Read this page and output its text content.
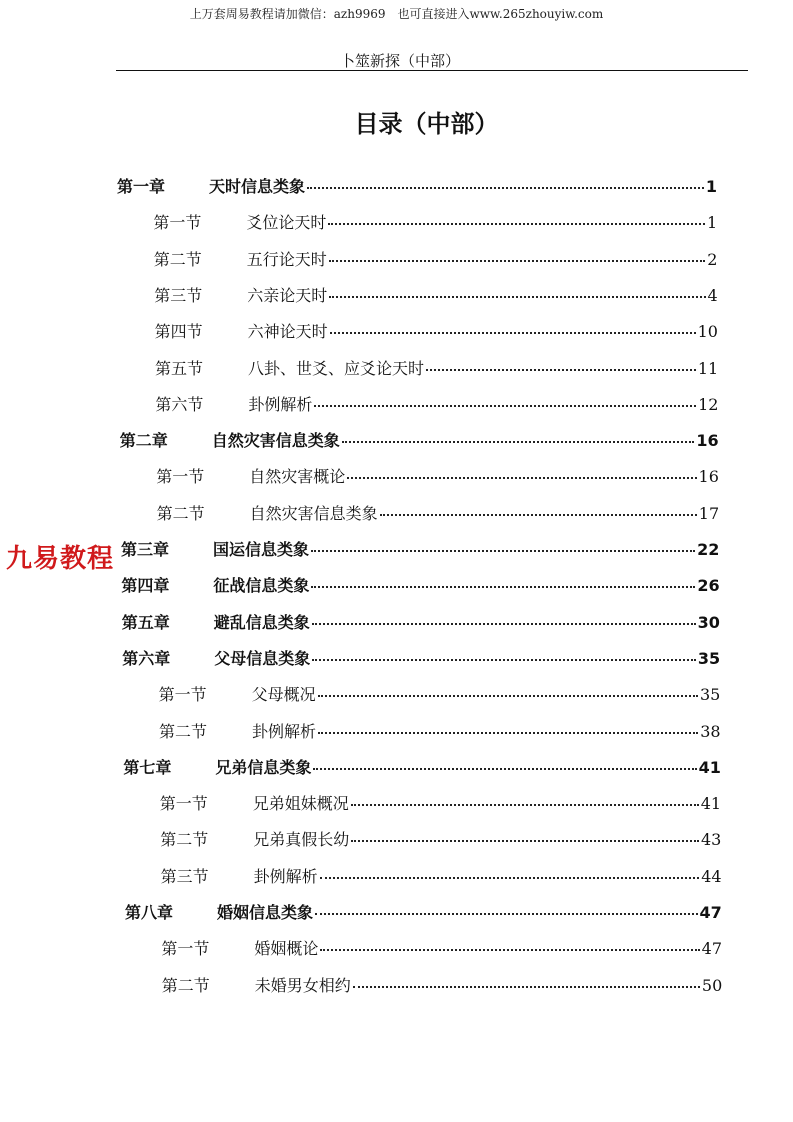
上万套周易教程请加微信：azh9969　也可直接进入www.265zhouyiw.com
卜筮新探（中部）
目录（中部）
第一章	天时信息类象	1
第一节	爻位论天时	1
第二节	五行论天时	2
第三节	六亲论天时	4
第四节	六神论天时	10
第五节	八卦、世爻、应爻论天时	11
第六节	卦例解析	12
第二章	自然灾害信息类象	16
第一节	自然灾害概论	16
第二节	自然灾害信息类象	17
第三章	国运信息类象	22
第四章	征战信息类象	26
第五章	避乱信息类象	30
第六章	父母信息类象	35
第一节	父母概况	35
第二节	卦例解析	38
第七章	兄弟信息类象	41
第一节	兄弟姐妹概况	41
第二节	兄弟真假长幼	43
第三节	卦例解析	44
第八章	婚姻信息类象	47
第一节	婚姻概论	47
第二节	未婚男女相约	50
九易教程
